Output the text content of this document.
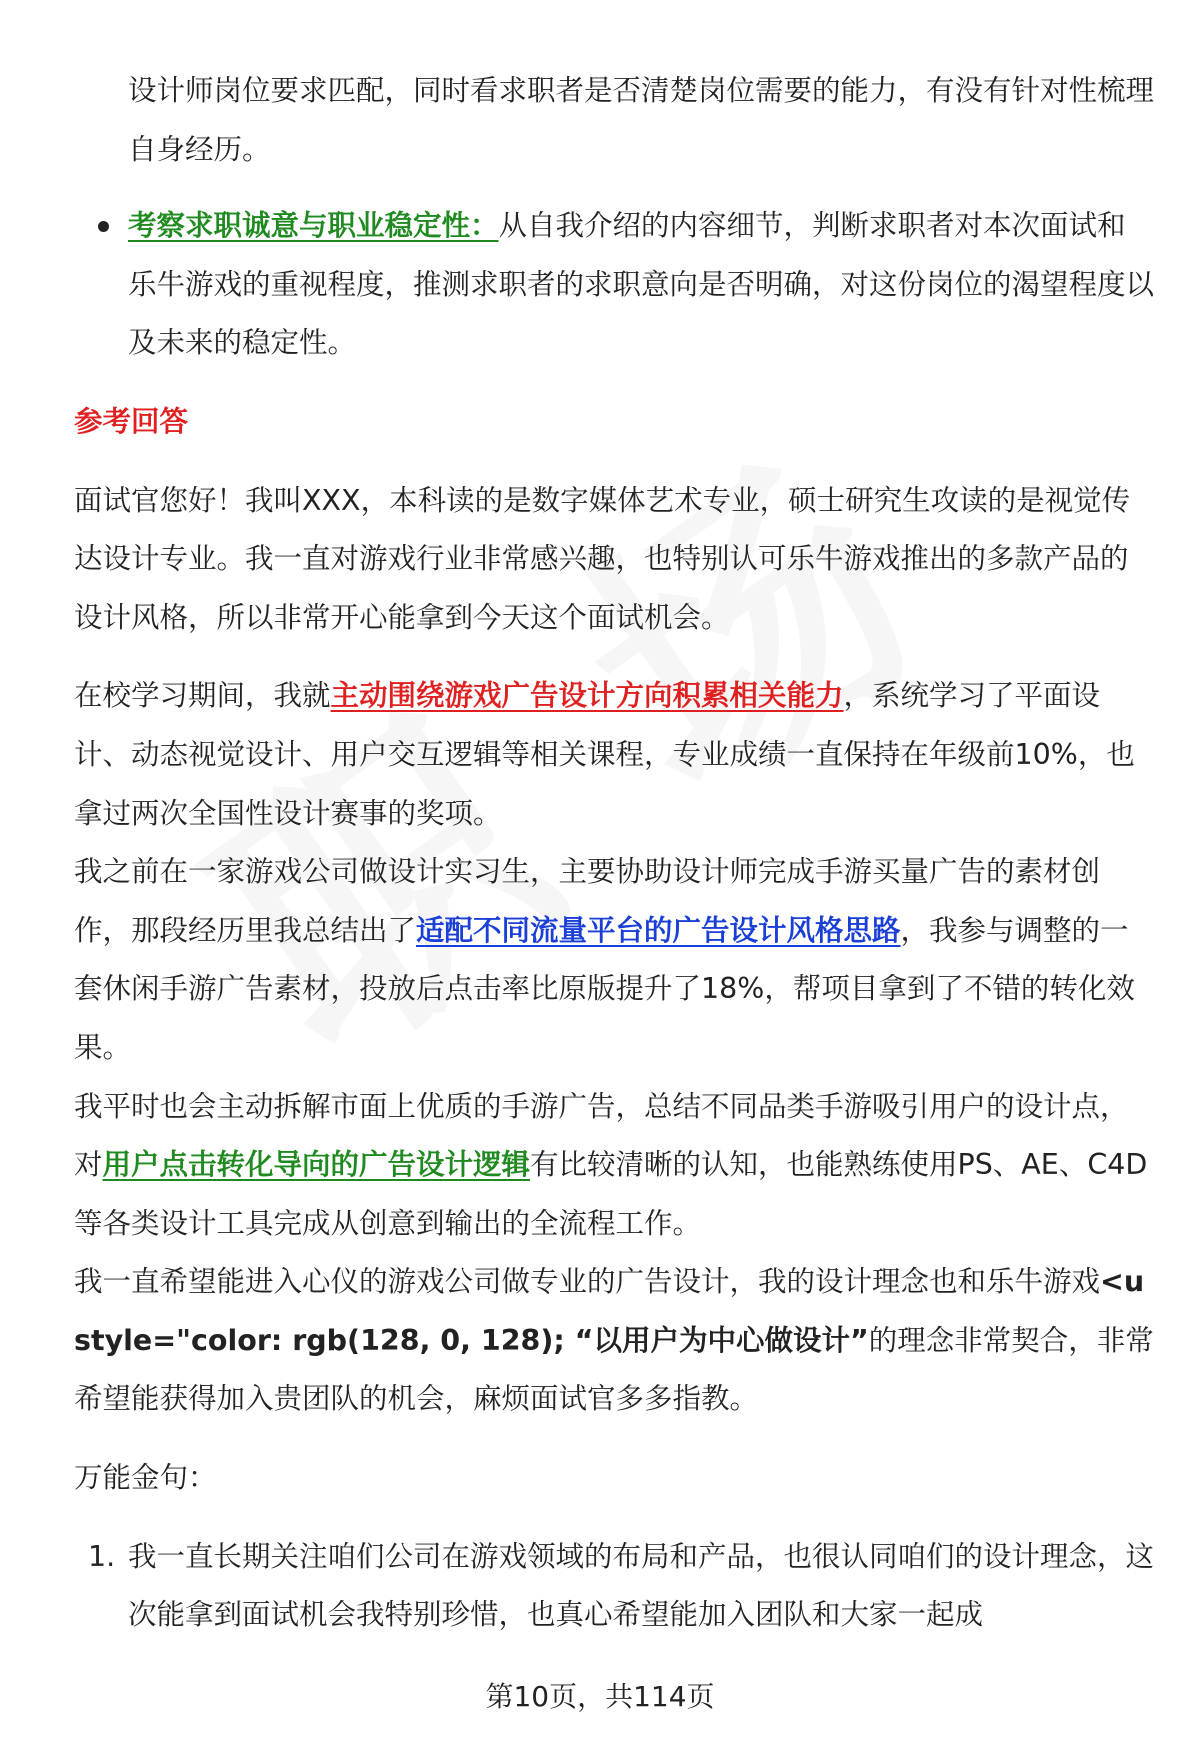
设计师岗位要求匹配，同时看求职者是否清楚岗位需要的能力，有没有针对性梳理自身经历。
考察求职诚意与职业稳定性：从自我介绍的内容细节，判断求职者对本次面试和乐牛游戏的重视程度，推测求职者的求职意向是否明确，对这份岗位的渴望程度以及未来的稳定性。
参考回答

面试官您好！我叫XXX，本科读的是数字媒体艺术专业，硕士研究生攻读的是视觉传达设计专业。我一直对游戏行业非常感兴趣，也特别认可乐牛游戏推出的多款产品的设计风格，所以非常开心能拿到今天这个面试机会。

在校学习期间，我就主动围绕游戏广告设计方向积累相关能力，系统学习了平面设计、动态视觉设计、用户交互逻辑等相关课程，专业成绩一直保持在年级前10%，也拿过两次全国性设计赛事的奖项。

我之前在一家游戏公司做设计实习生，主要协助设计师完成手游买量广告的素材创作，那段经历里我总结出了适配不同流量平台的广告设计风格思路，我参与调整的一套休闲手游广告素材，投放后点击率比原版提升了18%，帮项目拿到了不错的转化效果。

我平时也会主动拆解市面上优质的手游广告，总结不同品类手游吸引用户的设计点，对用户点击转化导向的广告设计逻辑有比较清晰的认知，也能熟练使用PS、AE、C4D等各类设计工具完成从创意到输出的全流程工作。

我一直希望能进入心仪的游戏公司做专业的广告设计，我的设计理念也和乐牛游戏<u style="color: rgb(128, 0, 128); “以用户为中心做设计”的理念非常契合，非常希望能获得加入贵团队的机会，麻烦面试官多多指教。

万能金句：

1. 我一直长期关注咱们公司在游戏领域的布局和产品，也很认同咱们的设计理念，这次能拿到面试机会我特别珍惜，也真心希望能加入团队和大家一起成
第10页，共114页
